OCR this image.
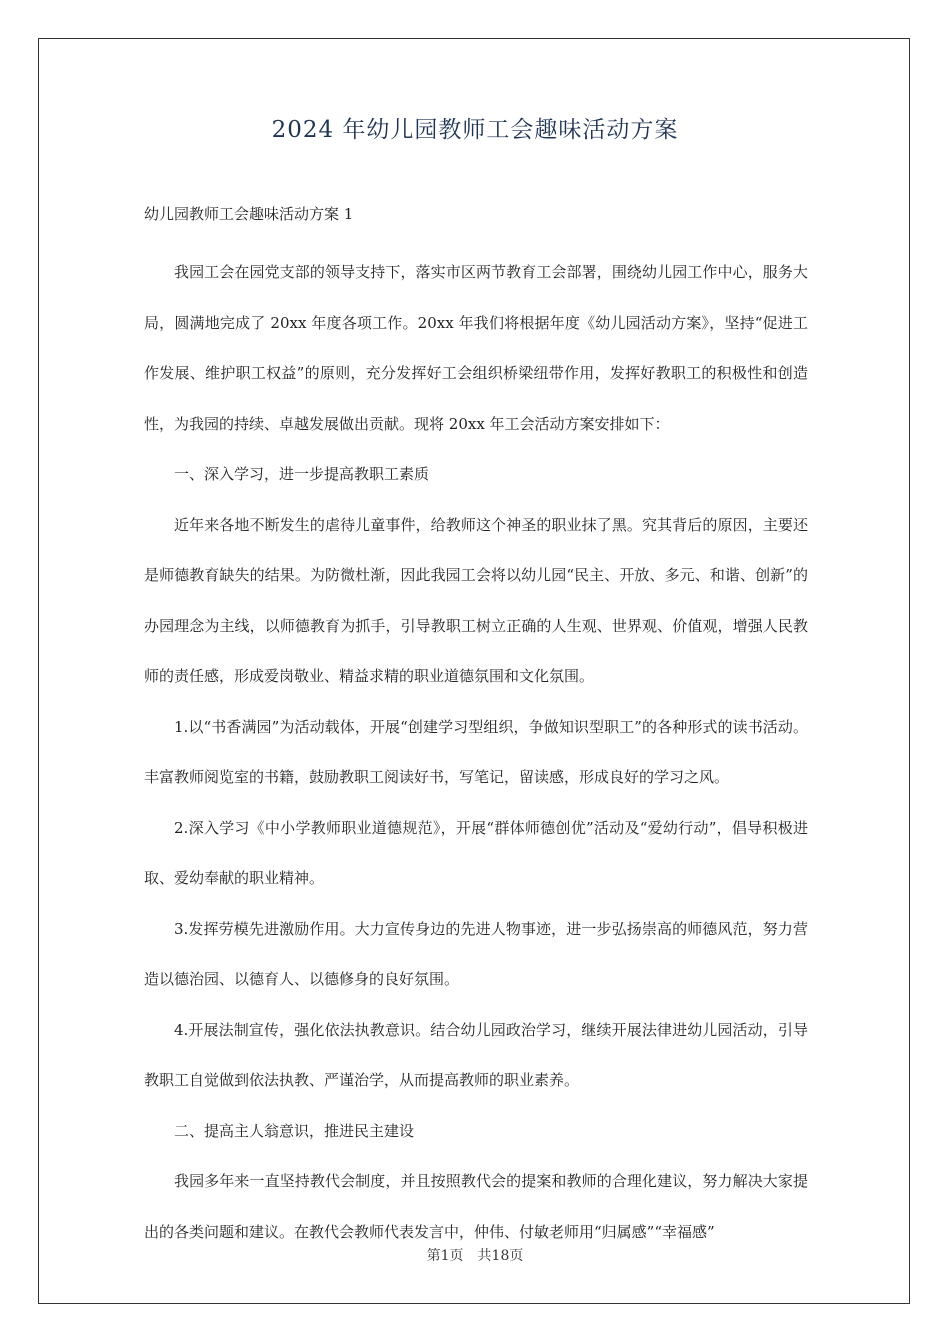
2024 年幼儿园教师工会趣味活动方案
幼儿园教师工会趣味活动方案 1

我园工会在园党支部的领导支持下，落实市区两节教育工会部署，围绕幼儿园工作中心，服务大局，圆满地完成了 20xx 年度各项工作。20xx 年我们将根据年度《幼儿园活动方案》，坚持“促进工作发展、维护职工权益”的原则，充分发挥好工会组织桥梁纽带作用，发挥好教职工的积极性和创造性，为我园的持续、卓越发展做出贡献。现将 20xx 年工会活动方案安排如下：

一、深入学习，进一步提高教职工素质

近年来各地不断发生的虐待儿童事件，给教师这个神圣的职业抹了黑。究其背后的原因，主要还是师德教育缺失的结果。为防微杜渐，因此我园工会将以幼儿园“民主、开放、多元、和谐、创新”的办园理念为主线，以师德教育为抓手，引导教职工树立正确的人生观、世界观、价值观，增强人民教师的责任感，形成爱岗敬业、精益求精的职业道德氛围和文化氛围。

1.以“书香满园”为活动载体，开展“创建学习型组织，争做知识型职工”的各种形式的读书活动。丰富教师阅览室的书籍，鼓励教职工阅读好书，写笔记，留读感，形成良好的学习之风。

2.深入学习《中小学教师职业道德规范》，开展“群体师德创优”活动及“爱幼行动”，倡导积极进取、爱幼奉献的职业精神。

3.发挥劳模先进激励作用。大力宣传身边的先进人物事迹，进一步弘扬崇高的师德风范，努力营造以德治园、以德育人、以德修身的良好氛围。

4.开展法制宣传，强化依法执教意识。结合幼儿园政治学习，继续开展法律进幼儿园活动，引导教职工自觉做到依法执教、严谨治学，从而提高教师的职业素养。

二、提高主人翁意识，推进民主建设

我园多年来一直坚持教代会制度，并且按照教代会的提案和教师的合理化建议，努力解决大家提出的各类问题和建议。在教代会教师代表发言中，仲伟、付敏老师用“归属感”“幸福感”

第1页　共18页
